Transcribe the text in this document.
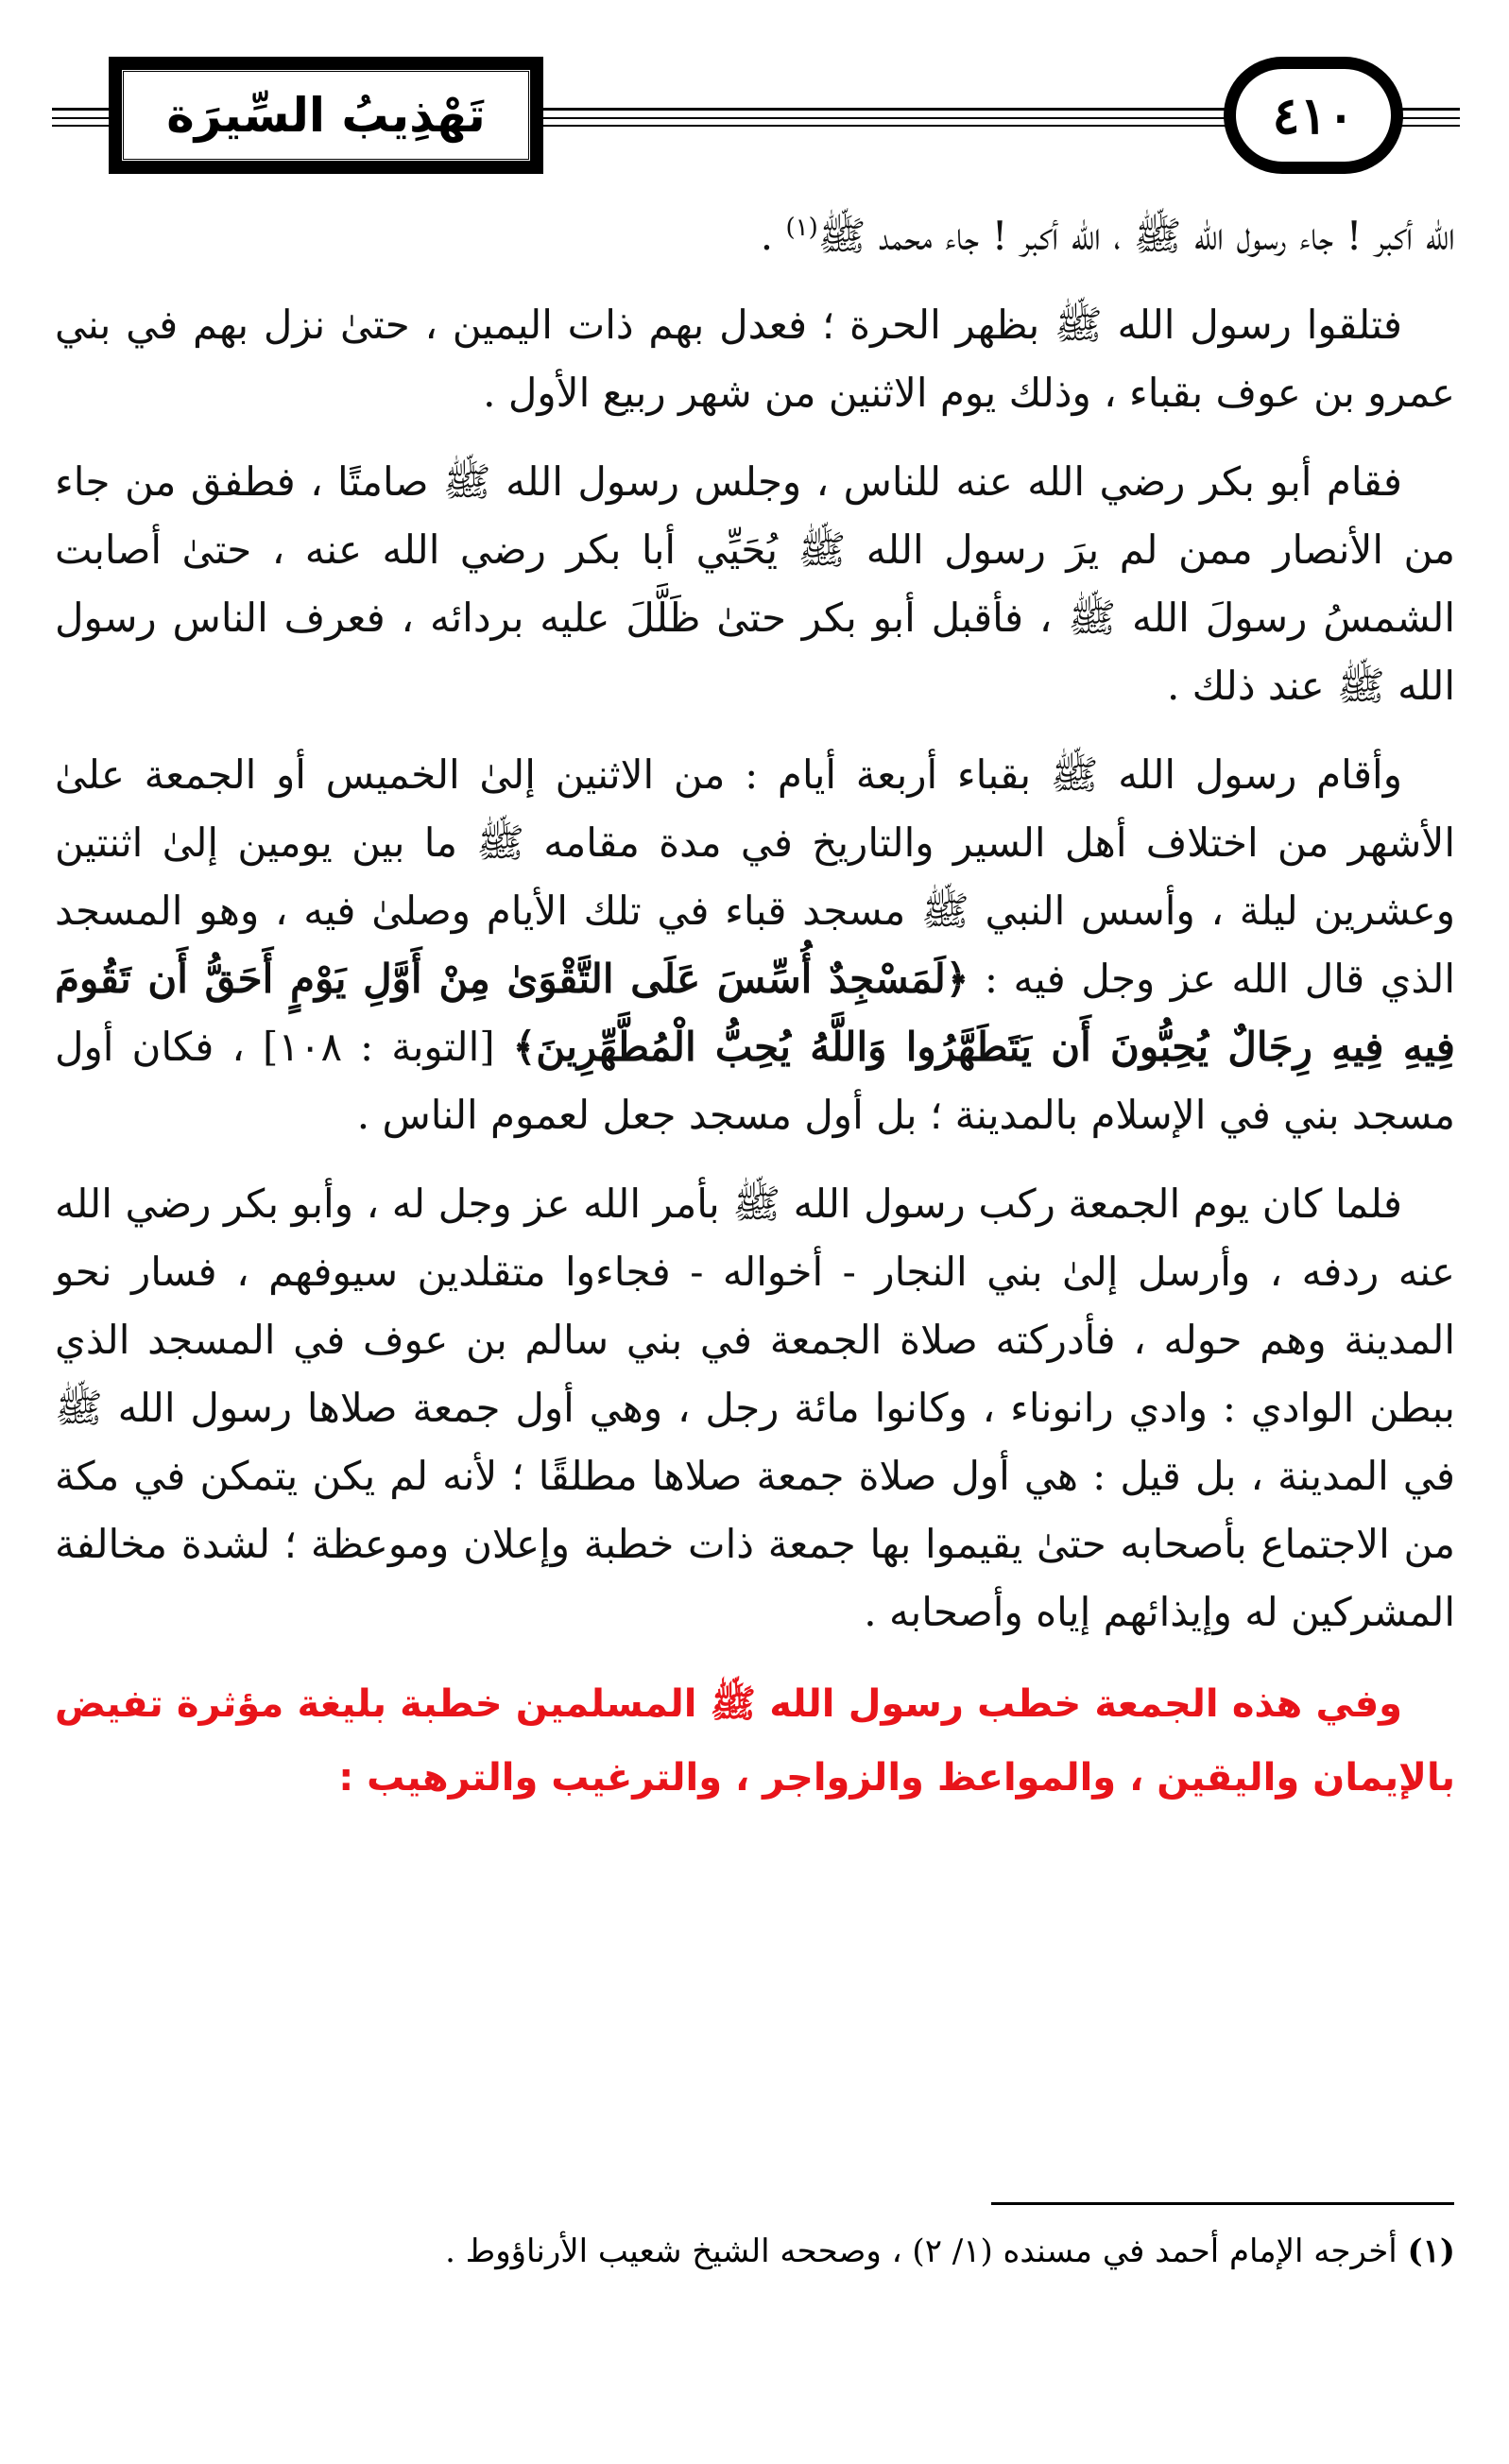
تَهْذِيبُ السِّيرَة	٤١٠

الله أكبر ! جاء رسول الله ﷺ ، الله أكبر ! جاء محمد ﷺ$^{(١)}$ .

فتلقوا رسول الله ﷺ بظهر الحرة ؛ فعدل بهم ذات اليمين ، حتىٰ نزل بهم في بني عمرو بن عوف بقباء ، وذلك يوم الاثنين من شهر ربيع الأول .

فقام أبو بكر رضي الله عنه للناس ، وجلس رسول الله ﷺ صامتًا ، فطفق من جاء من الأنصار ممن لم يرَ رسول الله ﷺ يُحَيِّي أبا بكر رضي الله عنه ، حتىٰ أصابت الشمسُ رسولَ الله ﷺ ، فأقبل أبو بكر حتىٰ ظَلَّلَ عليه بردائه ، فعرف الناس رسول الله ﷺ عند ذلك .

وأقام رسول الله ﷺ بقباء أربعة أيام : من الاثنين إلىٰ الخميس أو الجمعة علىٰ الأشهر من اختلاف أهل السير والتاريخ في مدة مقامه ﷺ ما بين يومين إلىٰ اثنتين وعشرين ليلة ، وأسس النبي ﷺ مسجد قباء في تلك الأيام وصلىٰ فيه ، وهو المسجد الذي قال الله عز وجل فيه : ﴿لَمَسْجِدٌ أُسِّسَ عَلَى التَّقْوَىٰ مِنْ أَوَّلِ يَوْمٍ أَحَقُّ أَن تَقُومَ فِيهِ فِيهِ رِجَالٌ يُحِبُّونَ أَن يَتَطَهَّرُوا وَاللَّهُ يُحِبُّ الْمُطَّهِّرِينَ﴾ [التوبة : ١٠٨] ، فكان أول مسجد بني في الإسلام بالمدينة ؛ بل أول مسجد جعل لعموم الناس .

فلما كان يوم الجمعة ركب رسول الله ﷺ بأمر الله عز وجل له ، وأبو بكر رضي الله عنه ردفه ، وأرسل إلىٰ بني النجار - أخواله - فجاءوا متقلدين سيوفهم ، فسار نحو المدينة وهم حوله ، فأدركته صلاة الجمعة في بني سالم بن عوف في المسجد الذي ببطن الوادي : وادي رانوناء ، وكانوا مائة رجل ، وهي أول جمعة صلاها رسول الله ﷺ في المدينة ، بل قيل : هي أول صلاة جمعة صلاها مطلقًا ؛ لأنه لم يكن يتمكن في مكة من الاجتماع بأصحابه حتىٰ يقيموا بها جمعة ذات خطبة وإعلان وموعظة ؛ لشدة مخالفة المشركين له وإيذائهم إياه وأصحابه .

وفي هذه الجمعة خطب رسول الله ﷺ المسلمين خطبة بليغة مؤثرة تفيض بالإيمان واليقين ، والمواعظ والزواجر ، والترغيب والترهيب :

(١) أخرجه الإمام أحمد في مسنده (١/ ٢) ، وصححه الشيخ شعيب الأرناؤوط .
